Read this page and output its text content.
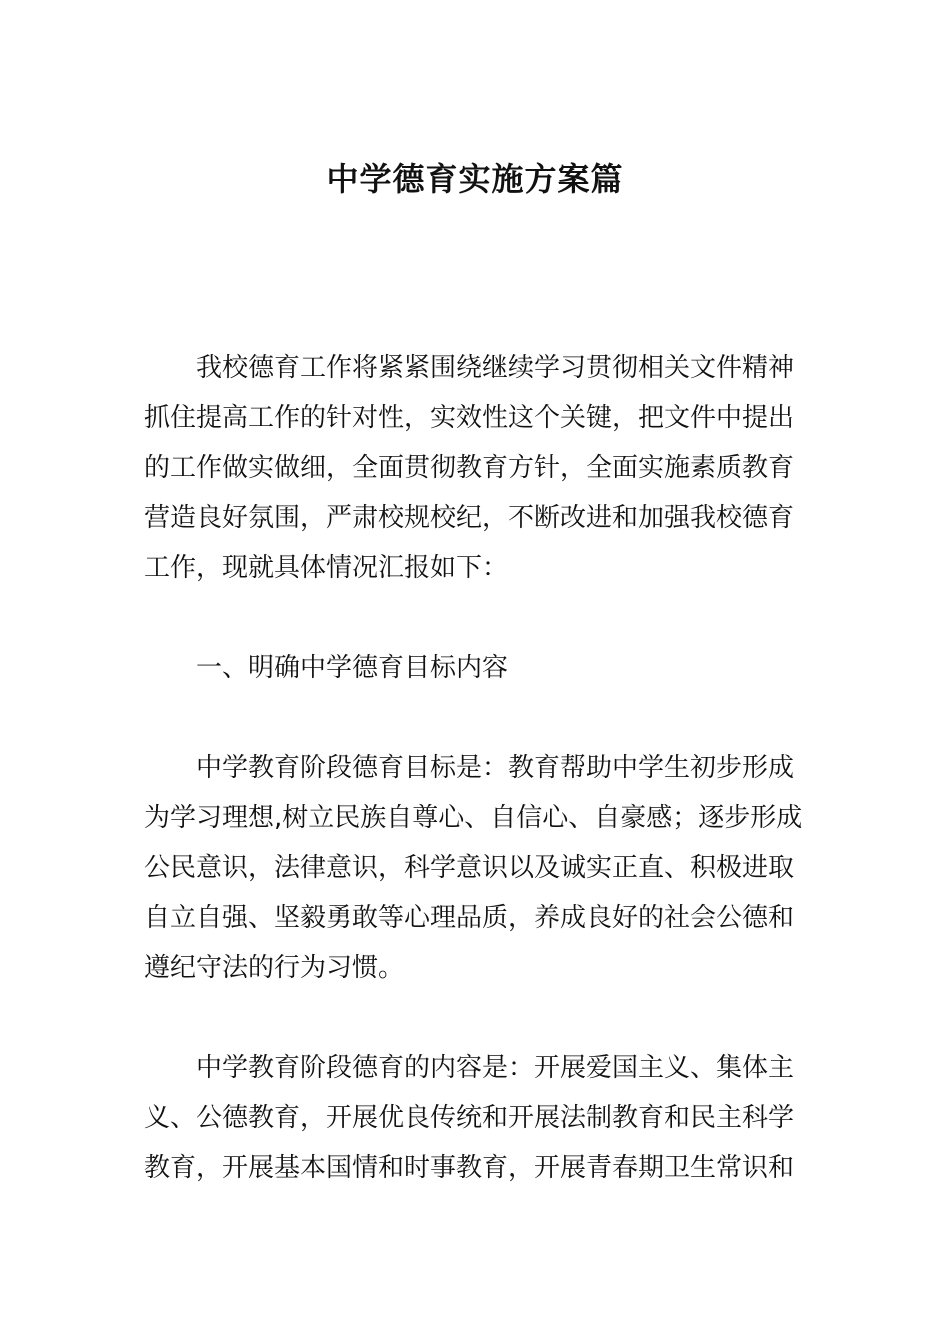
中学德育实施方案篇
我校德育工作将紧紧围绕继续学习贯彻相关文件精神
抓住提高工作的针对性，实效性这个关键，把文件中提出
的工作做实做细，全面贯彻教育方针，全面实施素质教育
营造良好氛围，严肃校规校纪，不断改进和加强我校德育
工作，现就具体情况汇报如下：
一、明确中学德育目标内容
中学教育阶段德育目标是：教育帮助中学生初步形成
为学习理想,树立民族自尊心、自信心、自豪感；逐步形成
公民意识，法律意识，科学意识以及诚实正直、积极进取
自立自强、坚毅勇敢等心理品质，养成良好的社会公德和
遵纪守法的行为习惯。
中学教育阶段德育的内容是：开展爱国主义、集体主
义、公德教育，开展优良传统和开展法制教育和民主科学
教育，开展基本国情和时事教育，开展青春期卫生常识和
